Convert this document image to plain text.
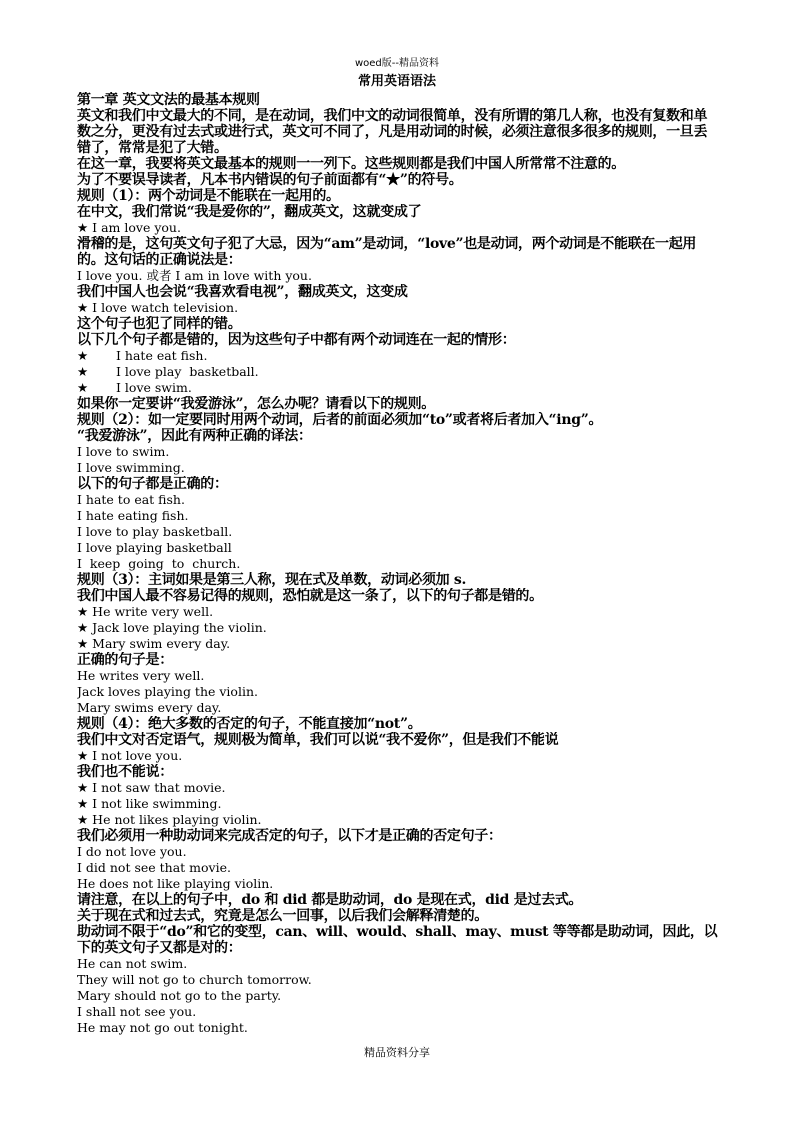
woed版--精品资料
常用英语语法
第一章 英文文法的最基本规则
英文和我们中文最大的不同，是在动词，我们中文的动词很简单，没有所谓的第几人称，也没有复数和单数之分，更没有过去式或进行式，英文可不同了，凡是用动词的时候，必须注意很多很多的规则，一旦丢错了，常常是犯了大错。
在这一章，我要将英文最基本的规则一一列下。这些规则都是我们中国人所常常不注意的。
为了不要误导读者，凡本书内错误的句子前面都有“★”的符号。
规则（1）：两个动词是不能联在一起用的。
在中文，我们常说“我是爱你的”，翻成英文，这就变成了
★ I am love you.
滑稽的是，这句英文句子犯了大忌，因为“am”是动词，“love”也是动词，两个动词是不能联在一起用的。这句话的正确说法是：
I love you. 或者 I am in love with you.
我们中国人也会说“我喜欢看电视”，翻成英文，这变成
★ I love watch television.
这个句子也犯了同样的错。
以下几个句子都是错的，因为这些句子中都有两个动词连在一起的情形：
★       I hate eat fish.
★       I love play  basketball.
★       I love swim.
如果你一定要讲“我爱游泳”，怎么办呢？请看以下的规则。
规则（2）：如一定要同时用两个动词，后者的前面必须加“to”或者将后者加入“ing”。
“我爱游泳”，因此有两种正确的译法：
I love to swim.
I love swimming.
以下的句子都是正确的：
I hate to eat fish.
I hate eating fish.
I love to play basketball.
I love playing basketball
I  keep  going  to  church.
规则（3）：主词如果是第三人称，现在式及单数，动词必须加 s.
我们中国人最不容易记得的规则，恐怕就是这一条了，以下的句子都是错的。
★ He write very well.
★ Jack love playing the violin.
★ Mary swim every day.
正确的句子是：
He writes very well.
Jack loves playing the violin.
Mary swims every day.
规则（4）：绝大多数的否定的句子，不能直接加“not”。
我们中文对否定语气，规则极为简单，我们可以说“我不爱你”，但是我们不能说
★ I not love you.
我们也不能说：
★ I not saw that movie.
★ I not like swimming.
★ He not likes playing violin.
我们必须用一种助动词来完成否定的句子，以下才是正确的否定句子：
I do not love you.
I did not see that movie.
He does not like playing violin.
请注意，在以上的句子中，do 和 did 都是助动词，do 是现在式，did 是过去式。
关于现在式和过去式，究竟是怎么一回事，以后我们会解释清楚的。
助动词不限于“do”和它的变型，can、will、would、shall、may、must 等等都是助动词，因此，以下的英文句子又都是对的：
He can not swim.
They will not go to church tomorrow.
Mary should not go to the party.
I shall not see you.
He may not go out tonight.
精品资料分享
